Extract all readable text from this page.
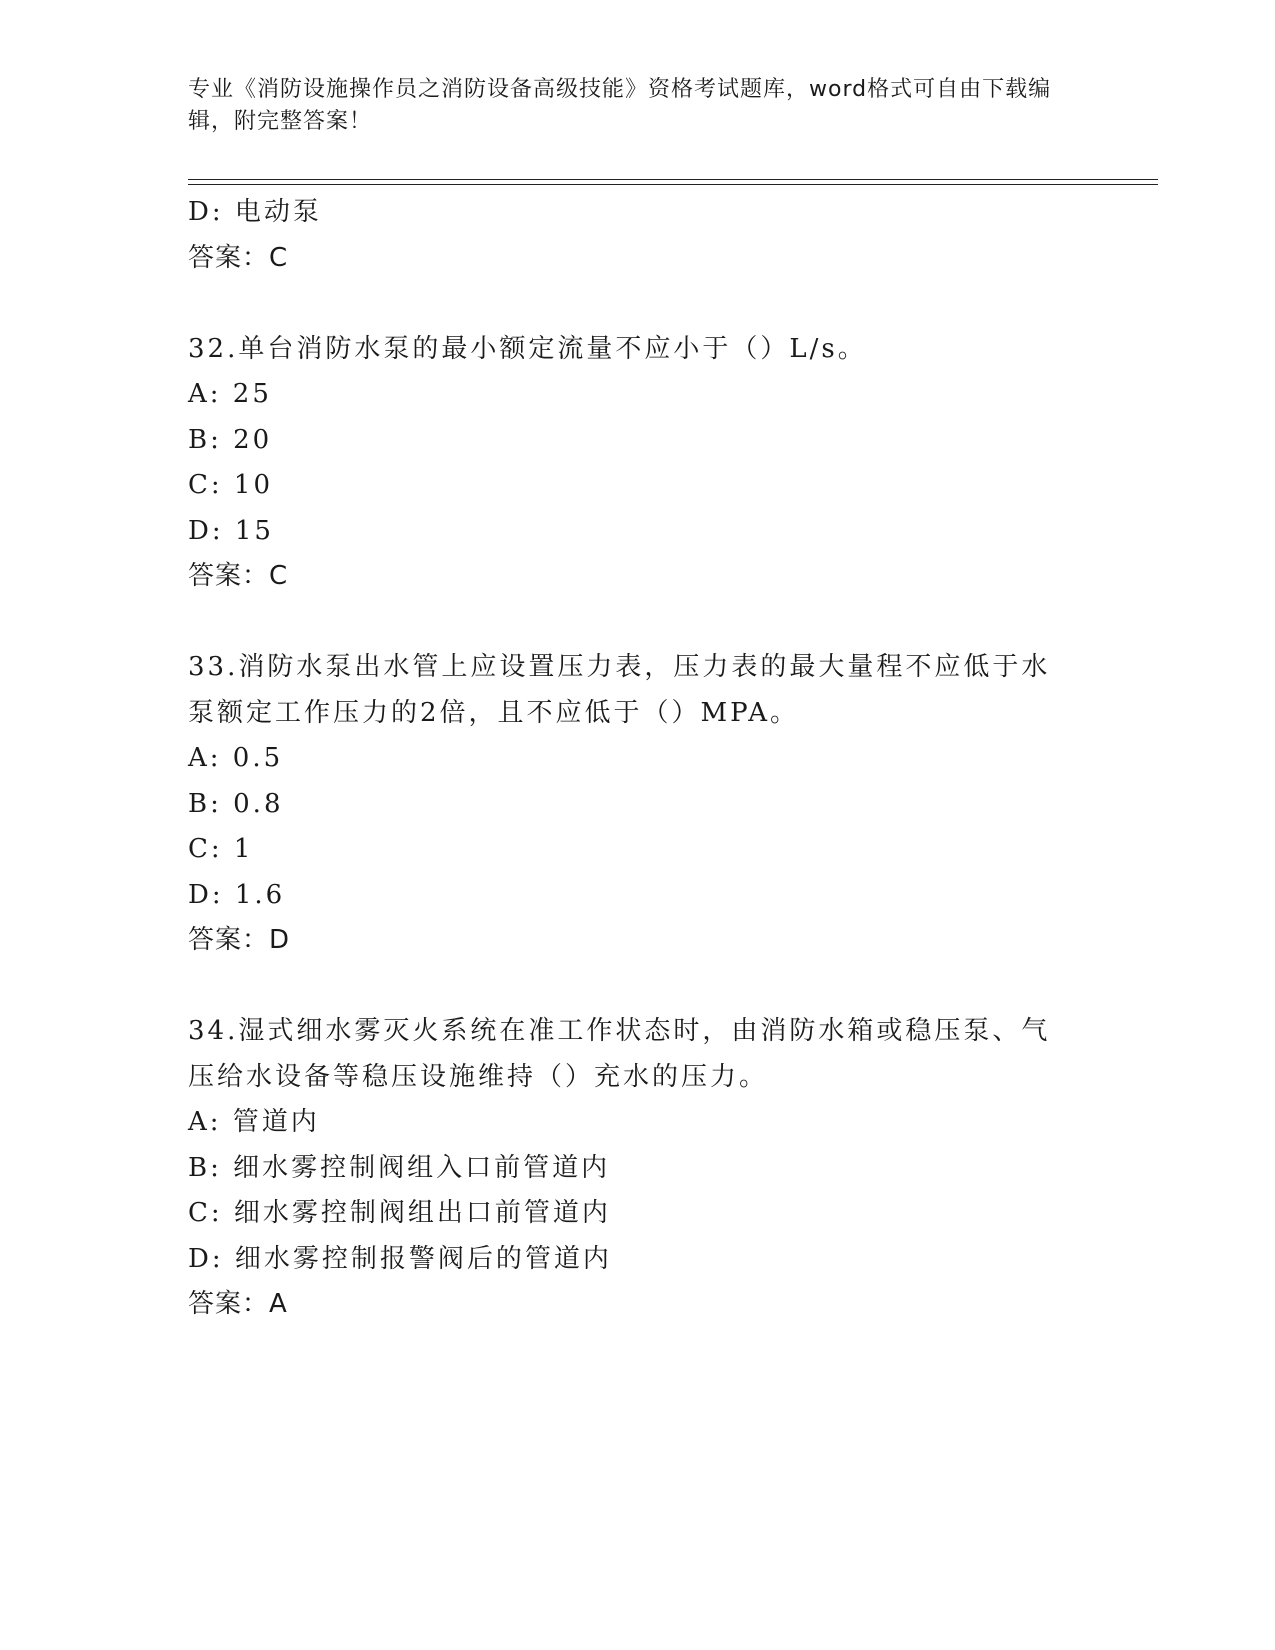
专业《消防设施操作员之消防设备高级技能》资格考试题库，word格式可自由下载编辑，附完整答案！
D: 电动泵
答案：C
32.单台消防水泵的最小额定流量不应小于（）L/s。
A: 25
B: 20
C: 10
D: 15
答案：C
33.消防水泵出水管上应设置压力表，压力表的最大量程不应低于水泵额定工作压力的2倍，且不应低于（）MPA。
A: 0.5
B: 0.8
C: 1
D: 1.6
答案：D
34.湿式细水雾灭火系统在准工作状态时，由消防水箱或稳压泵、气压给水设备等稳压设施维持（）充水的压力。
A: 管道内
B: 细水雾控制阀组入口前管道内
C: 细水雾控制阀组出口前管道内
D: 细水雾控制报警阀后的管道内
答案：A
